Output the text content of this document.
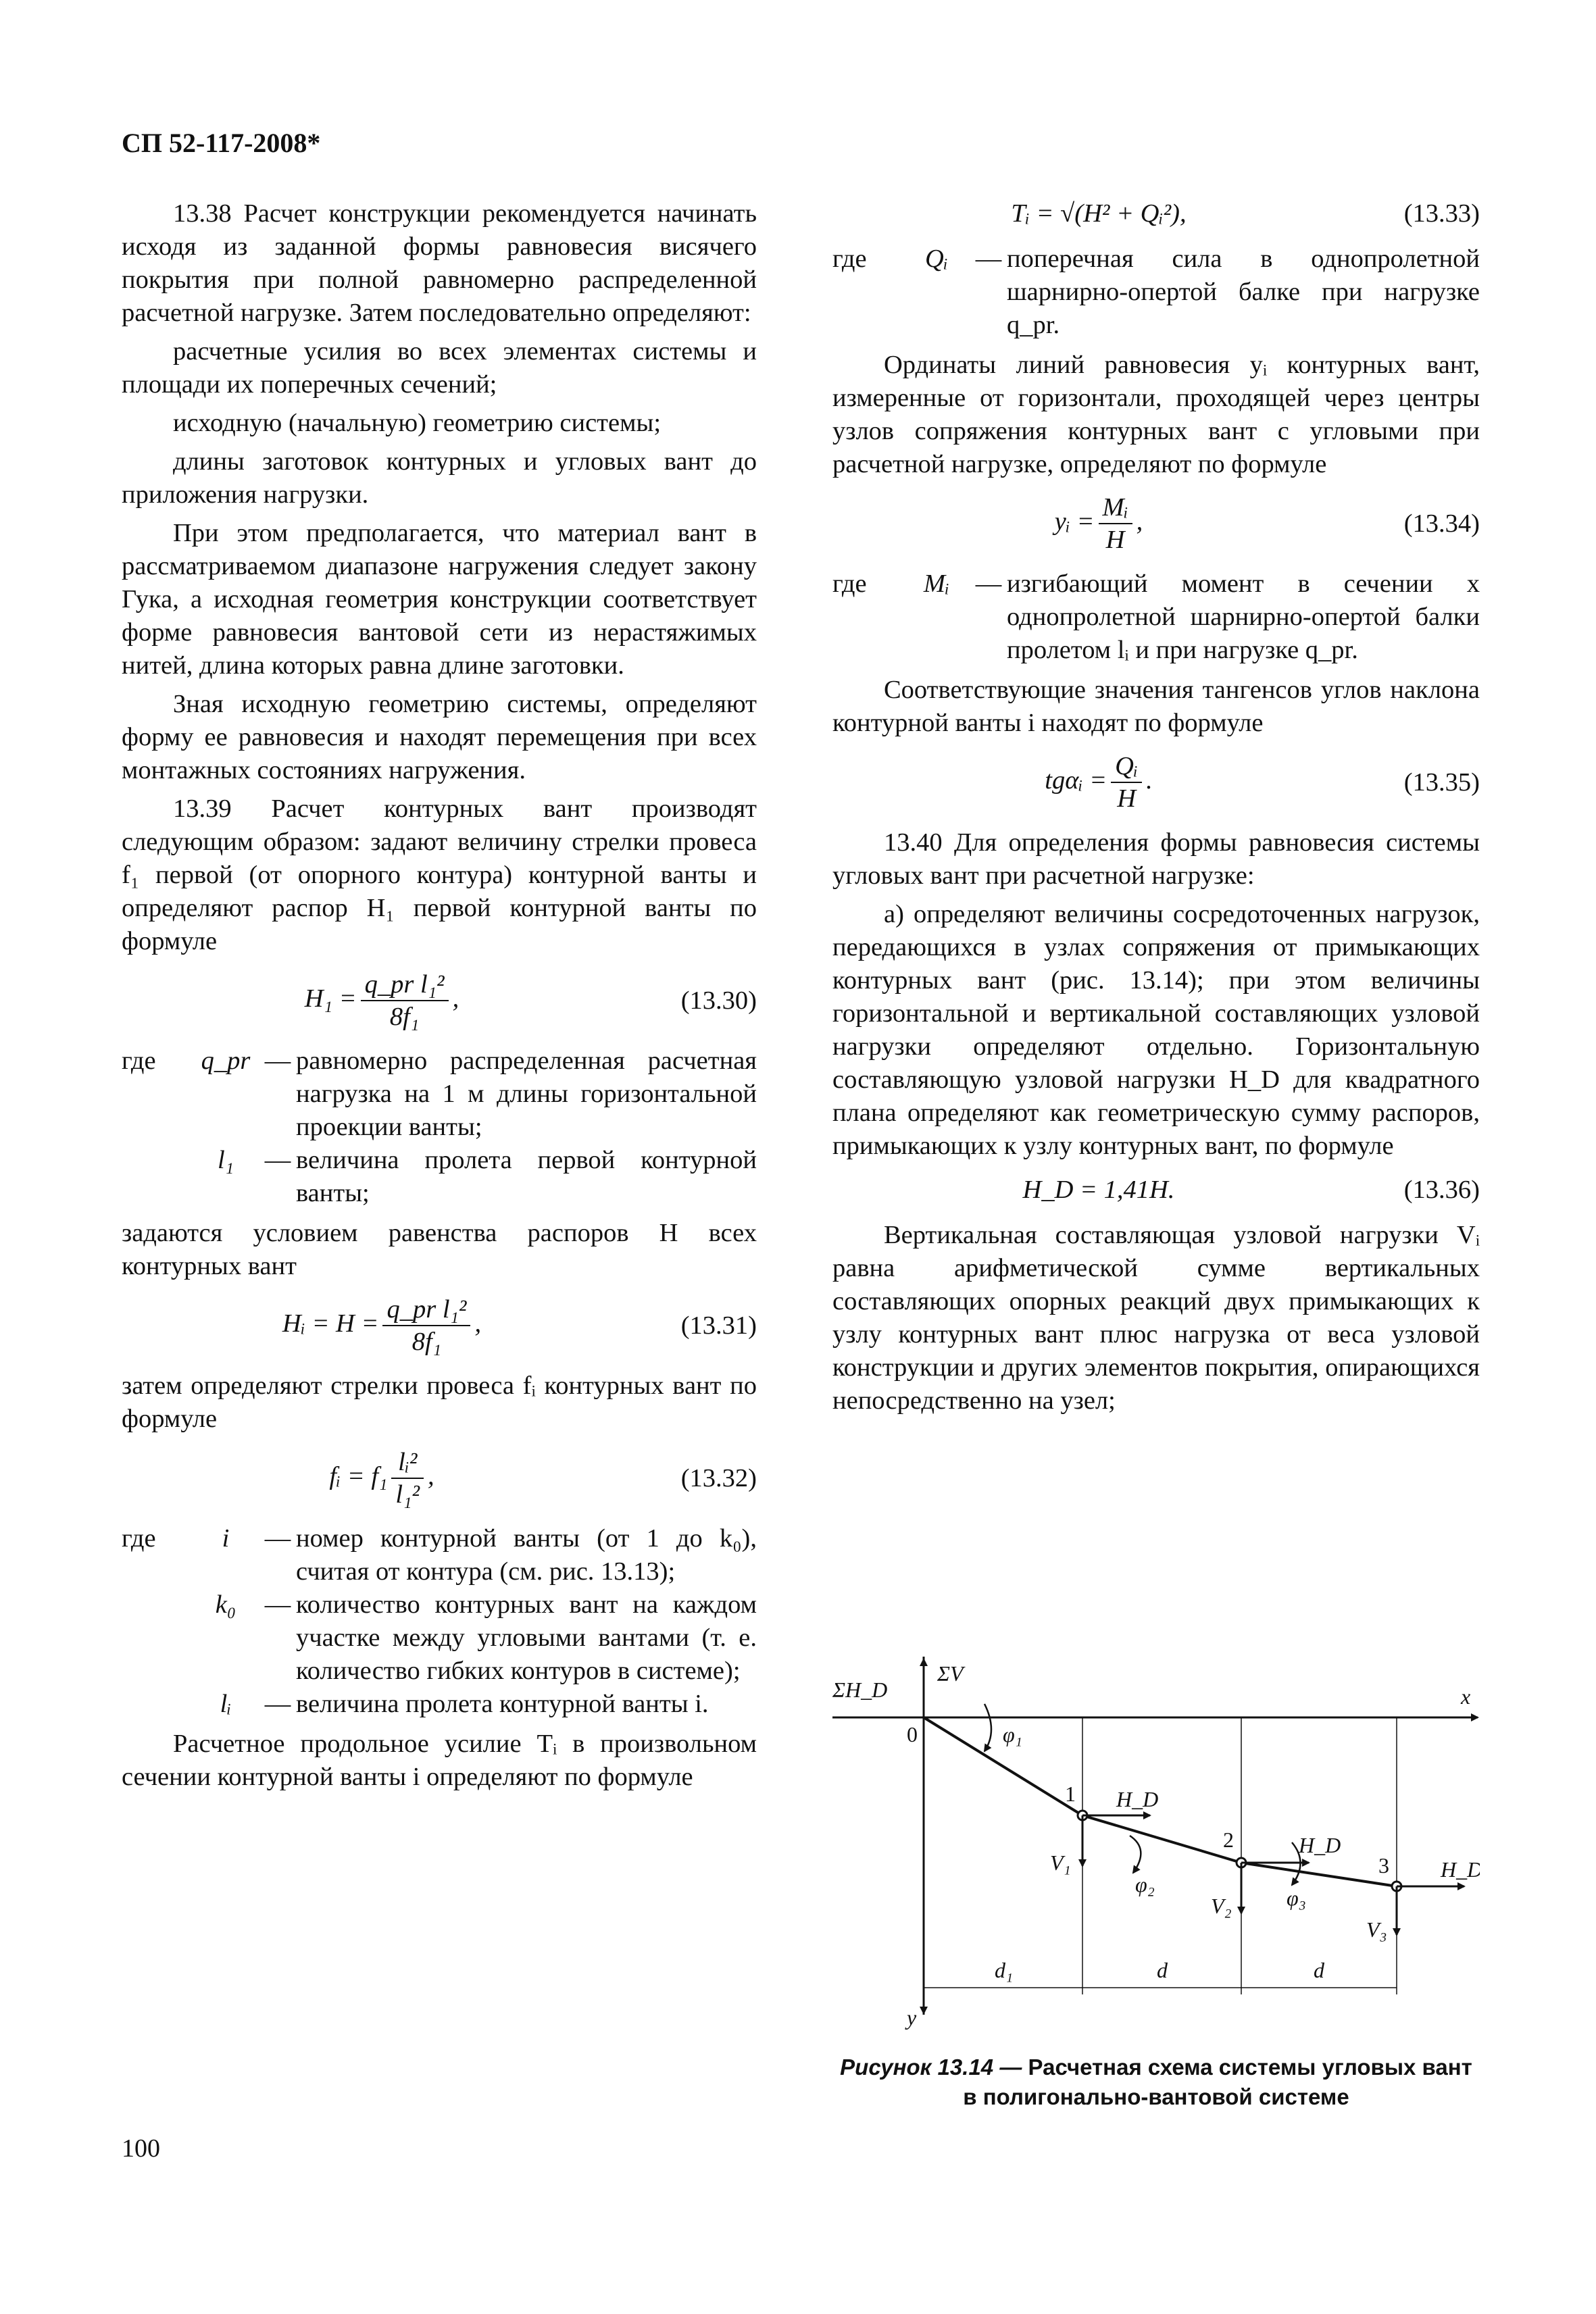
СП 52-117-2008*

13.38 Расчет конструкции рекомендуется начинать исходя из заданной формы равновесия висячего покрытия при полной равномерно распределенной расчетной нагрузке. Затем последовательно определяют:

расчетные усилия во всех элементах системы и площади их поперечных сечений;

исходную (начальную) геометрию системы;

длины заготовок контурных и угловых вант до приложения нагрузки.

При этом предполагается, что материал вант в рассматриваемом диапазоне нагружения следует закону Гука, а исходная геометрия конструкции соответствует форме равновесия вантовой сети из нерастяжимых нитей, длина которых равна длине заготовки.

Зная исходную геометрию системы, определяют форму ее равновесия и находят перемещения при всех монтажных состояниях нагружения.

13.39 Расчет контурных вант производят следующим образом: задают величину стрелки провеса f₁ первой (от опорного контура) контурной ванты и определяют распор H₁ первой контурной ванты по формуле

$H_1 = \frac{\text{q\_pr l₁²}}{\text{8f₁}}$ ,	(13.30)
где	q_pr — равномерно распределенная расчетная нагрузка на 1 м длины горизонтальной проекции ванты;
l₁	— величина пролета первой контурной ванты;

задаются условием равенства распоров H всех контурных вант

Hᵢ = $H = \frac{\text{q\_pr l₁²}}{\text{8f₁}}$ ,	(13.31)

затем определяют стрелки провеса fᵢ контурных вант по формуле

fᵢ = $f_1 \frac{\text{lᵢ²}}{\text{l₁²}}$ ,	(13.32)
где	i	— номер контурной ванты (от 1 до k₀), считая от контура (см. рис. 13.13);
k₀	— количество контурных вант на каждом участке между угловыми вантами (т. е. количество гибких контуров в системе);
lᵢ	— величина пролета контурной ванты i.

Расчетное продольное усилие Tᵢ в произвольном сечении контурной ванты i определяют по формуле

Tᵢ = √(H² + Qᵢ²),	(13.33)
где	Qᵢ	— поперечная сила в однопролетной шарнирно-опертой балке при нагрузке q_pr.

Ординаты линий равновесия yᵢ контурных вант, измеренные от горизонтали, проходящей через центры узлов сопряжения контурных вант с угловыми при расчетной нагрузке, определяют по формуле

yᵢ = $\frac{\text{Mᵢ}}{H}$ ,	(13.34)
где	Mᵢ	— изгибающий момент в сечении x однопролетной шарнирно-опертой балки пролетом lᵢ и при нагрузке q_pr.

Соответствующие значения тангенсов углов наклона контурной ванты i находят по формуле

tgαᵢ = $\frac{\text{Qᵢ}}{H}$ .	(13.35)

13.40 Для определения формы равновесия системы угловых вант при расчетной нагрузке:

а) определяют величины сосредоточенных нагрузок, передающихся в узлах сопряжения от примыкающих контурных вант (рис. 13.14); при этом величины горизонтальной и вертикальной составляющих узловой нагрузки определяют отдельно. Горизонтальную составляющую узловой нагрузки H_D для квадратного плана определяют как геометрическую сумму распоров, примыкающих к узлу контурных вант, по формуле

H_D = 1,41H.	(13.36)

Вертикальная составляющая узловой нагрузки Vᵢ равна арифметической сумме вертикальных составляющих опорных реакций двух примыкающих к узлу контурных вант плюс нагрузка от веса узловой конструкции и других элементов покрытия, опирающихся непосредственно на узел;

ΣH_D
ΣV
x
y
0
1
2
3
φ₁
φ₂
φ₃
H_D
H_D
H_D
V₁
V₂
V₃
d₁	d	d
Рисунок 13.14 — Расчетная схема системы угловых вант в полигонально-вантовой системе
100
